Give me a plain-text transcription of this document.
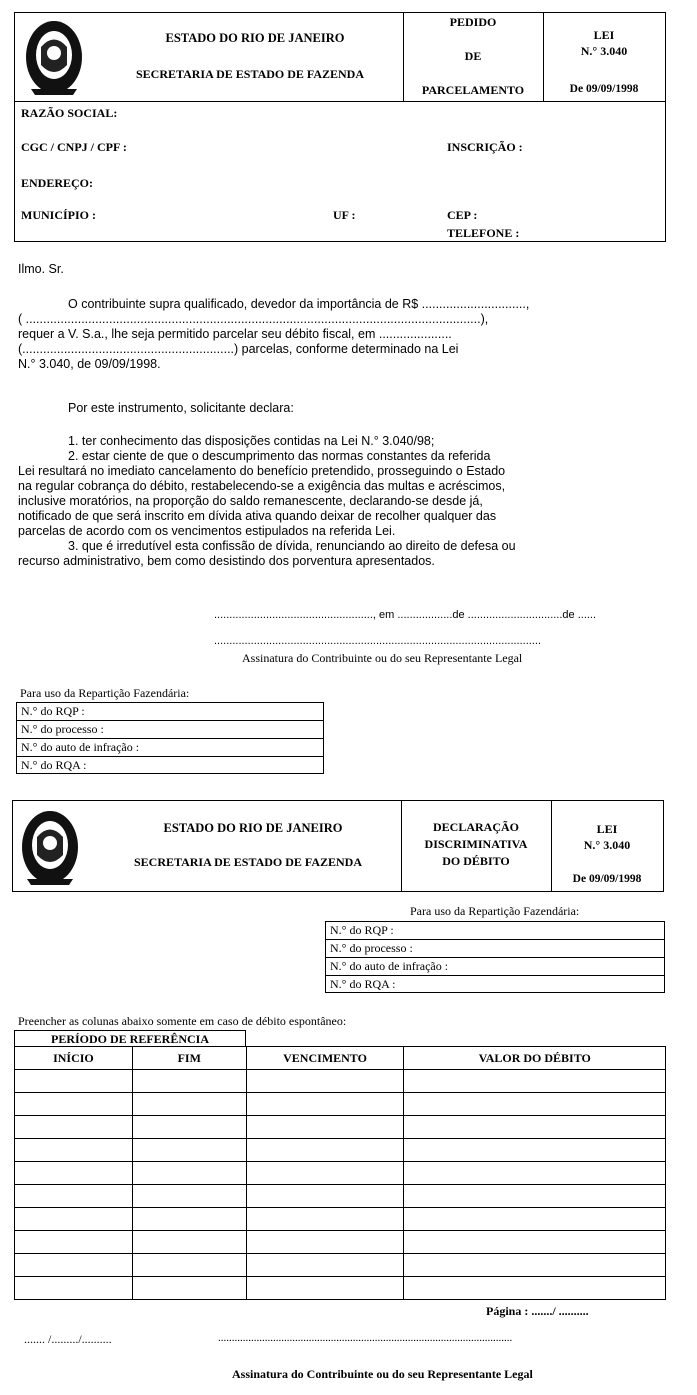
ESTADO DO RIO DE JANEIRO
SECRETARIA DE ESTADO DE FAZENDA
PEDIDO
DE
PARCELAMENTO
LEI
N.° 3.040
De 09/09/1998
RAZÃO SOCIAL:
CGC / CNPJ / CPF :	INSCRIÇÃO :
ENDEREÇO:
MUNICÍPIO :	UF :	CEP :
TELEFONE :
Ilmo. Sr.
O contribuinte supra qualificado, devedor da importância de R$ ..............................,
( ...................................................................................................................................),
requer a V. S.a., lhe seja permitido parcelar seu débito fiscal, em .....................
(.............................................................) parcelas, conforme determinado na Lei
N.° 3.040, de 09/09/1998.
Por este instrumento, solicitante declara:
1. ter conhecimento das disposições contidas na Lei N.° 3.040/98;
2. estar ciente de que o descumprimento das normas constantes da referida
Lei resultará no imediato cancelamento do benefício pretendido, prosseguindo o Estado
na regular cobrança do débito, restabelecendo-se a exigência das multas e acréscimos,
inclusive moratórios, na proporção do saldo remanescente, declarando-se desde já,
notificado de que será inscrito em dívida ativa quando deixar de recolher qualquer das
parcelas de acordo com os vencimentos estipulados na referida Lei.
3. que é irredutível esta confissão de dívida, renunciando ao direito de defesa ou
recurso administrativo, bem como desistindo dos porventura apresentados.
...................................................., em ..................de ...............................de ......
...........................................................................................................
Assinatura do Contribuinte ou do seu Representante Legal
Para uso da Repartição Fazendária:
N.° do RQP :
N.° do processo :
N.° do auto de infração :
N.° do RQA :
ESTADO DO RIO DE JANEIRO
SECRETARIA DE ESTADO DE FAZENDA
DECLARAÇÃO
DISCRIMINATIVA
DO DÉBITO
LEI
N.° 3.040
De 09/09/1998
Para uso da Repartição Fazendária:
N.° do RQP :
N.° do processo :
N.° do auto de infração :
N.° do RQA :
Preencher as colunas abaixo somente em caso de débito espontâneo:
PERÍODO DE REFERÊNCIA
INÍCIO	FIM	VENCIMENTO	VALOR DO DÉBITO

Página : ......./ ..........
....... /........./..........	...........................................................................................................
Assinatura do Contribuinte ou do seu Representante Legal
